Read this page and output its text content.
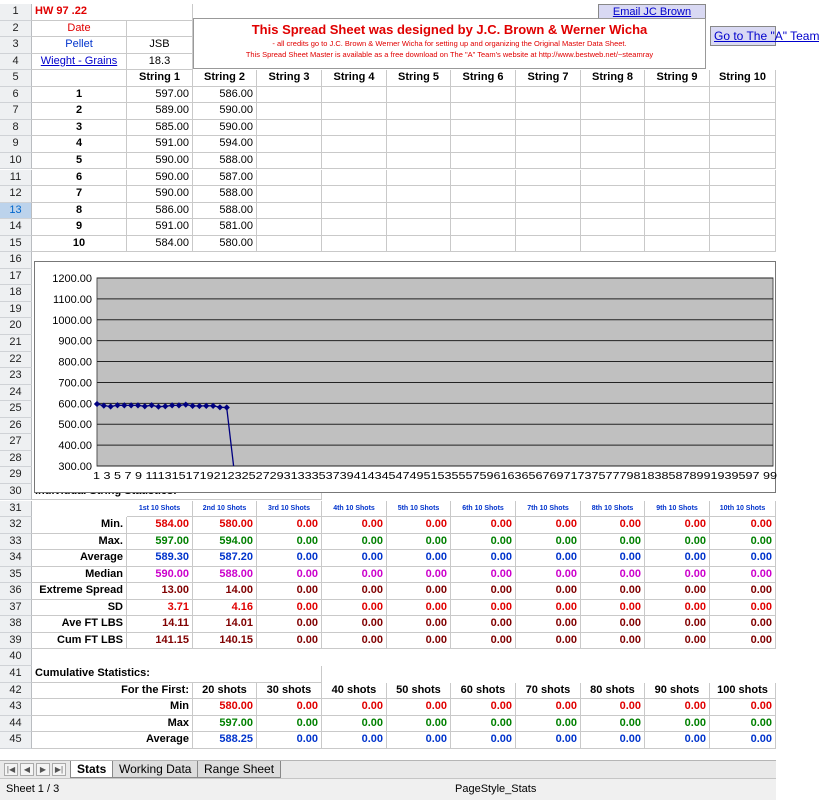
1
2
3
4
5
6
7
8
9
10
11
12
13
14
15
16
17
18
19
20
21
22
23
24
25
26
27
28
29
30
31
32
33
34
35
36
37
38
39
40
41
42
43
44
45
HW 97 .22
Date
Pellet	JSB
Wieght - Grains	18.3
String 1	String 2	String 3	String 4	String 5	String 6	String 7	String 8	String 9	String 10
1	597.00	586.00
2	589.00	590.00
3	585.00	590.00
4	591.00	594.00
5	590.00	588.00
6	590.00	587.00
7	590.00	588.00
8	586.00	588.00
9	591.00	581.00
10	584.00	580.00
1st 10 Shots	2nd 10 Shots	3rd 10 Shots	4th 10 Shots	5th 10 Shots	6th 10 Shots	7th 10 Shots	8th 10 Shots	9th 10 Shots	10th 10 Shots
Min.	584.00	580.00	0.00	0.00	0.00	0.00	0.00	0.00	0.00	0.00
Max.	597.00	594.00	0.00	0.00	0.00	0.00	0.00	0.00	0.00	0.00
Average	589.30	587.20	0.00	0.00	0.00	0.00	0.00	0.00	0.00	0.00
Median	590.00	588.00	0.00	0.00	0.00	0.00	0.00	0.00	0.00	0.00
Extreme Spread	13.00	14.00	0.00	0.00	0.00	0.00	0.00	0.00	0.00	0.00
SD	3.71	4.16	0.00	0.00	0.00	0.00	0.00	0.00	0.00	0.00
Ave FT LBS	14.11	14.01	0.00	0.00	0.00	0.00	0.00	0.00	0.00	0.00
Cum FT LBS	141.15	140.15	0.00	0.00	0.00	0.00	0.00	0.00	0.00	0.00
Cumulative Statistics:
For the First:	20 shots	30 shots	40 shots	50 shots	60 shots	70 shots	80 shots	90 shots	100 shots
Min	580.00	0.00	0.00	0.00	0.00	0.00	0.00	0.00	0.00
Max	597.00	0.00	0.00	0.00	0.00	0.00	0.00	0.00	0.00
Average	588.25	0.00	0.00	0.00	0.00	0.00	0.00	0.00	0.00
Email JC Brown
Go to The "A" Team
This Spread Sheet was designed by J.C. Brown & Werner Wicha
- all credits go to J.C. Brown & Werner Wicha for setting up and organizing the Original Master Data Sheet.
This Spread Sheet Master is available as a free download on The "A" Team's website at http://www.bestweb.net/~steamray
1200.00
1100.00
1000.00
900.00
800.00
700.00
600.00
500.00
400.00
300.00
1 3 5 7 9 1113151719212325272931333537394143454749515355575961636567697173757779818385878991939597 99
|◀	◀	▶	▶|	Stats	Working Data	Range Sheet
Sheet 1 / 3	PageStyle_Stats
